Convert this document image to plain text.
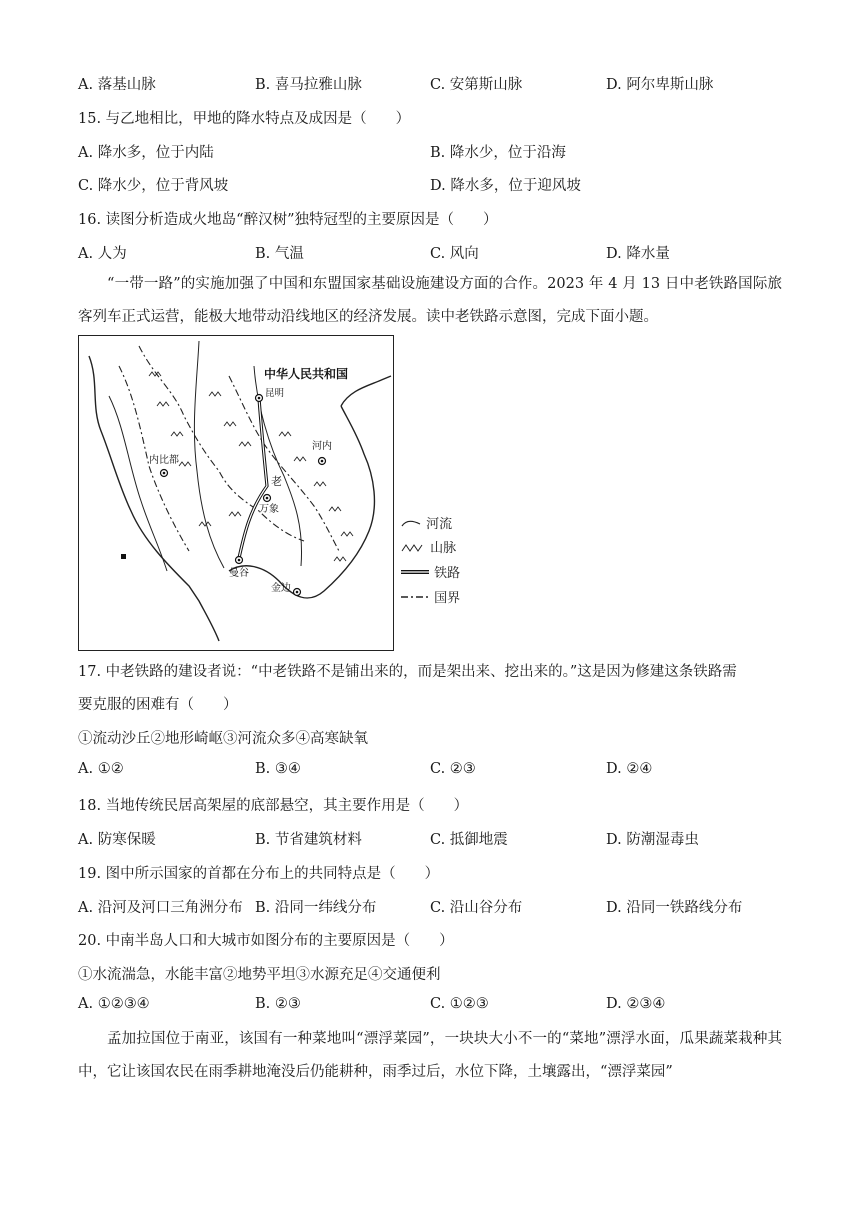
A. 落基山脉	B. 喜马拉雅山脉	C. 安第斯山脉	D. 阿尔卑斯山脉
15. 与乙地相比，甲地的降水特点及成因是（　　）
A. 降水多，位于内陆	B. 降水少，位于沿海
C. 降水少，位于背风坡	D. 降水多，位于迎风坡
16. 读图分析造成火地岛“醉汉树”独特冠型的主要原因是（　　）
A. 人为	B. 气温	C. 风向	D. 降水量
“一带一路”的实施加强了中国和东盟国家基础设施建设方面的合作。2023 年 4 月 13 日中老铁路国际旅客列车正式运营，能极大地带动沿线地区的经济发展。读中老铁路示意图，完成下面小题。
中华人民共和国
昆明
内比都
河内
老
万象
曼谷
金边
河流
山脉
铁路
国界
17. 中老铁路的建设者说：“中老铁路不是铺出来的，而是架出来、挖出来的。”这是因为修建这条铁路需
要克服的困难有（　　）
①流动沙丘②地形崎岖③河流众多④高寒缺氧
A. ①②	B. ③④	C. ②③	D. ②④
18. 当地传统民居高架屋的底部悬空，其主要作用是（　　）
A. 防寒保暖	B. 节省建筑材料	C. 抵御地震	D. 防潮湿毒虫
19. 图中所示国家的首都在分布上的共同特点是（　　）
A. 沿河及河口三角洲分布 B. 沿同一纬线分布	C. 沿山谷分布	D. 沿同一铁路线分布
20. 中南半岛人口和大城市如图分布的主要原因是（　　）
①水流湍急，水能丰富②地势平坦③水源充足④交通便利
A. ①②③④	B. ②③	C. ①②③	D. ②③④
孟加拉国位于南亚，该国有一种菜地叫“漂浮菜园”，一块块大小不一的“菜地”漂浮水面，瓜果蔬菜栽种其中，它让该国农民在雨季耕地淹没后仍能耕种，雨季过后，水位下降，土壤露出，“漂浮菜园”
